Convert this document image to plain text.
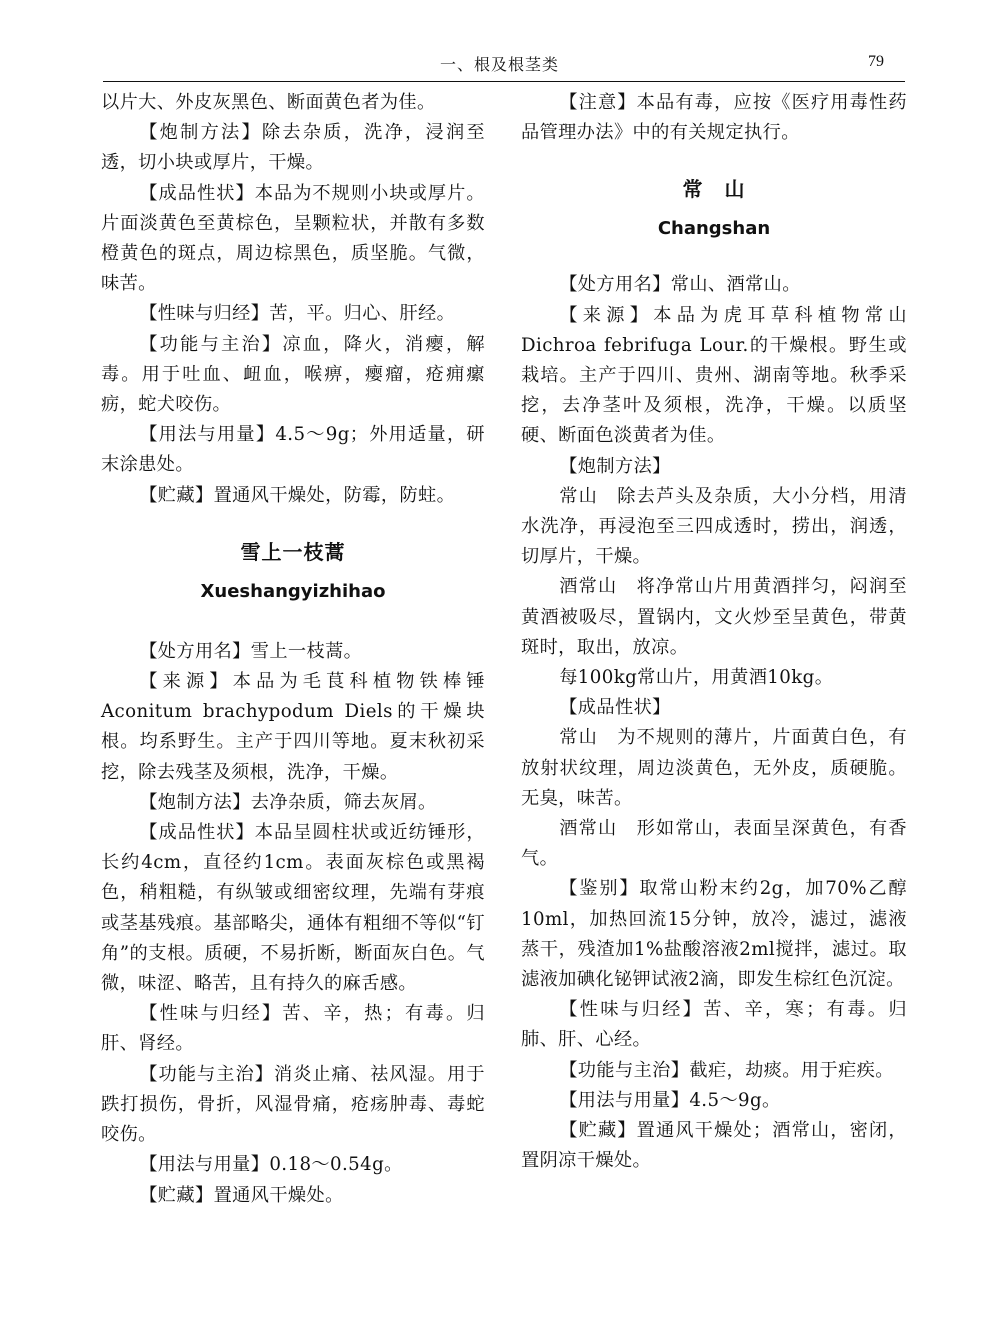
一、根及根茎类	79

以片大、外皮灰黑色、断面黄色者为佳。

【炮制方法】除去杂质，洗净，浸润至透，切小块或厚片，干燥。

【成品性状】本品为不规则小块或厚片。片面淡黄色至黄棕色，呈颗粒状，并散有多数橙黄色的斑点，周边棕黑色，质坚脆。气微，味苦。

【性味与归经】苦，平。归心、肝经。

【功能与主治】凉血，降火，消瘿，解毒。用于吐血、衄血，喉痹，瘿瘤，疮痈瘰疬，蛇犬咬伤。

【用法与用量】4.5～9g；外用适量，研末涂患处。

【贮藏】置通风干燥处，防霉，防蛀。

雪上一枝蒿
Xueshangyizhihao

【处方用名】雪上一枝蒿。

【来源】本品为毛茛科植物铁棒锤Aconitum brachypodum Diels的干燥块根。均系野生。主产于四川等地。夏末秋初采挖，除去残茎及须根，洗净，干燥。

【炮制方法】去净杂质，筛去灰屑。

【成品性状】本品呈圆柱状或近纺锤形，长约4cm，直径约1cm。表面灰棕色或黑褐色，稍粗糙，有纵皱或细密纹理，先端有芽痕或茎基残痕。基部略尖，通体有粗细不等似“钉角”的支根。质硬，不易折断，断面灰白色。气微，味涩、略苦，且有持久的麻舌感。

【性味与归经】苦、辛，热；有毒。归肝、肾经。

【功能与主治】消炎止痛、祛风湿。用于跌打损伤，骨折，风湿骨痛，疮疡肿毒、毒蛇咬伤。

【用法与用量】0.18～0.54g。

【贮藏】置通风干燥处。

【注意】本品有毒，应按《医疗用毒性药品管理办法》中的有关规定执行。

常　山
Changshan

【处方用名】常山、酒常山。

【来源】本品为虎耳草科植物常山Dichroa febrifuga Lour.的干燥根。野生或栽培。主产于四川、贵州、湖南等地。秋季采挖，去净茎叶及须根，洗净，干燥。以质坚硬、断面色淡黄者为佳。

【炮制方法】

常山　除去芦头及杂质，大小分档，用清水洗净，再浸泡至三四成透时，捞出，润透，切厚片，干燥。

酒常山　将净常山片用黄酒拌匀，闷润至黄酒被吸尽，置锅内，文火炒至呈黄色，带黄斑时，取出，放凉。

每100kg常山片，用黄酒10kg。

【成品性状】

常山　为不规则的薄片，片面黄白色，有放射状纹理，周边淡黄色，无外皮，质硬脆。无臭，味苦。

酒常山　形如常山，表面呈深黄色，有香气。

【鉴别】取常山粉末约2g，加70%乙醇10ml，加热回流15分钟，放冷，滤过，滤液蒸干，残渣加1%盐酸溶液2ml搅拌，滤过。取滤液加碘化铋钾试液2滴，即发生棕红色沉淀。

【性味与归经】苦、辛，寒；有毒。归肺、肝、心经。

【功能与主治】截疟，劫痰。用于疟疾。

【用法与用量】4.5～9g。

【贮藏】置通风干燥处；酒常山，密闭，置阴凉干燥处。
